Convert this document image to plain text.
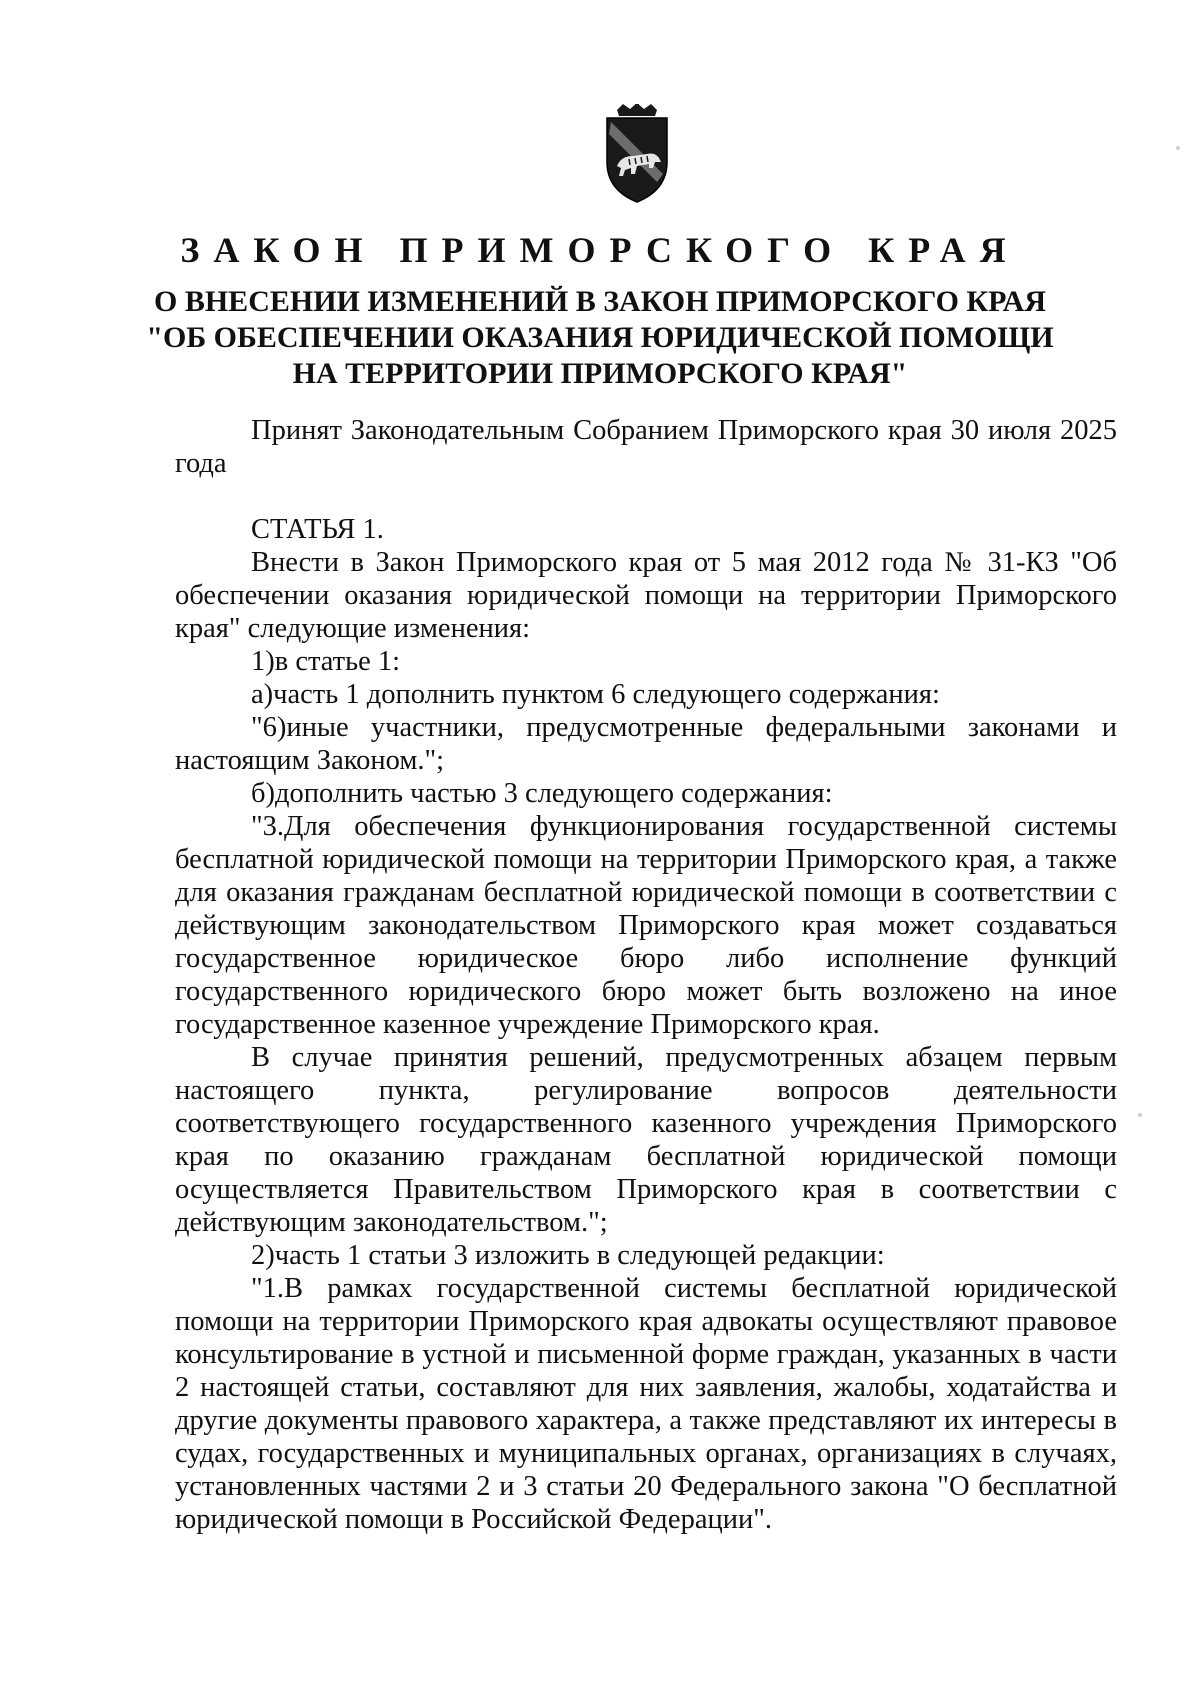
ЗАКОН ПРИМОРСКОГО КРАЯ
О ВНЕСЕНИИ ИЗМЕНЕНИЙ В ЗАКОН ПРИМОРСКОГО КРАЯ
"ОБ ОБЕСПЕЧЕНИИ ОКАЗАНИЯ ЮРИДИЧЕСКОЙ ПОМОЩИ
НА ТЕРРИТОРИИ ПРИМОРСКОГО КРАЯ"

Принят Законодательным Собранием Приморского края 30 июля 2025 года

СТАТЬЯ 1.

Внести в Закон Приморского края от 5 мая 2012 года № 31-КЗ "Об обеспечении оказания юридической помощи на территории Приморского края" следующие изменения:

1)в статье 1:

а)часть 1 дополнить пунктом 6 следующего содержания:

"6)иные участники, предусмотренные федеральными законами и настоящим Законом.";

б)дополнить частью 3 следующего содержания:

"3.Для обеспечения функционирования государственной системы бесплатной юридической помощи на территории Приморского края, а также для оказания гражданам бесплатной юридической помощи в соответствии с действующим законодательством Приморского края может создаваться государственное юридическое бюро либо исполнение функций государственного юридического бюро может быть возложено на иное государственное казенное учреждение Приморского края.

В случае принятия решений, предусмотренных абзацем первым настоящего пункта, регулирование вопросов деятельности соответствующего государственного казенного учреждения Приморского края по оказанию гражданам бесплатной юридической помощи осуществляется Правительством Приморского края в соответствии с действующим законодательством.";

2)часть 1 статьи 3 изложить в следующей редакции:

"1.В рамках государственной системы бесплатной юридической помощи на территории Приморского края адвокаты осуществляют правовое консультирование в устной и письменной форме граждан, указанных в части 2 настоящей статьи, составляют для них заявления, жалобы, ходатайства и другие документы правового характера, а также представляют их интересы в судах, государственных и муниципальных органах, организациях в случаях, установленных частями 2 и 3 статьи 20 Федерального закона "О бесплатной юридической помощи в Российской Федерации".
